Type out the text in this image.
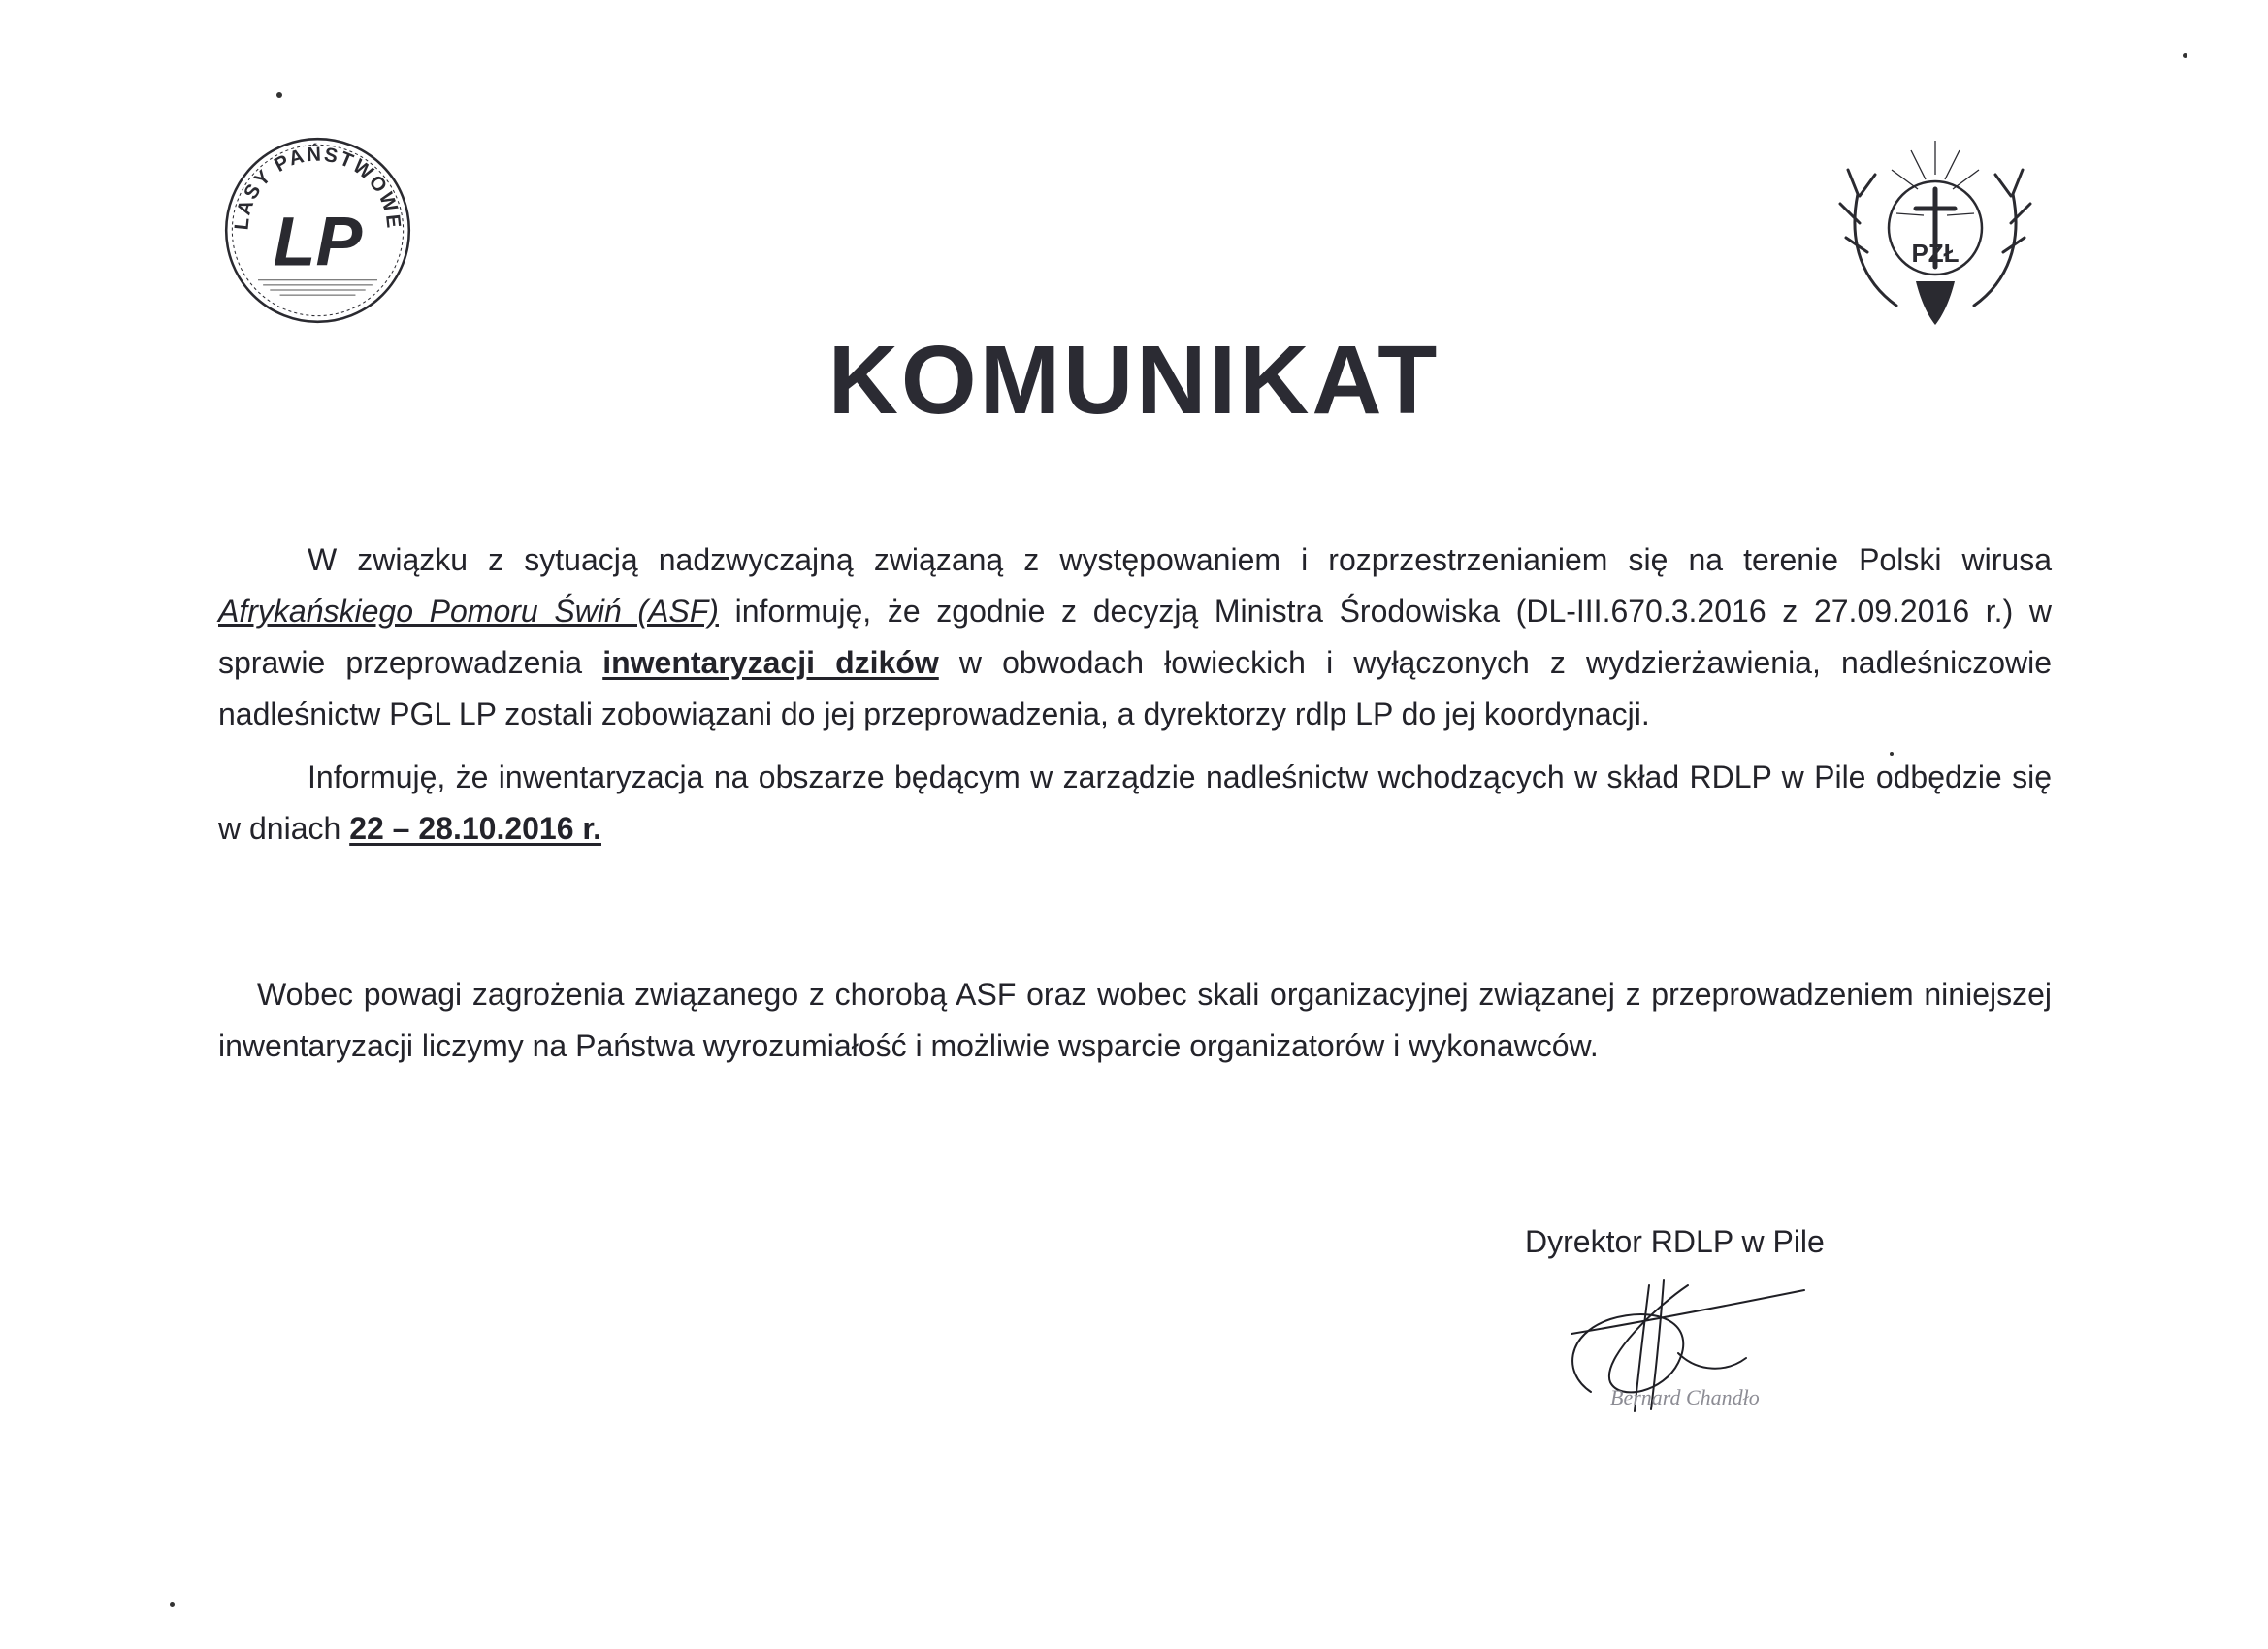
LASY PAŃSTWOWE
LP	PZŁ
KOMUNIKAT

W związku z sytuacją nadzwyczajną związaną z występowaniem i rozprzestrzenianiem się na terenie Polski wirusa Afrykańskiego Pomoru Świń (ASF) informuję, że zgodnie z decyzją Ministra Środowiska (DL-III.670.3.2016 z 27.09.2016 r.) w sprawie przeprowadzenia inwentaryzacji dzików w obwodach łowieckich i wyłączonych z wydzierżawienia, nadleśniczowie nadleśnictw PGL LP zostali zobowiązani do jej przeprowadzenia, a dyrektorzy rdlp LP do jej koordynacji.

Informuję, że inwentaryzacja na obszarze będącym w zarządzie nadleśnictw wchodzących w skład RDLP w Pile odbędzie się w dniach 22 – 28.10.2016 r.

Wobec powagi zagrożenia związanego z chorobą ASF oraz wobec skali organizacyjnej związanej z przeprowadzeniem niniejszej inwentaryzacji liczymy na Państwa wyrozumiałość i możliwie wsparcie organizatorów i wykonawców.

Dyrektor RDLP w Pile

Bernard Chandło
